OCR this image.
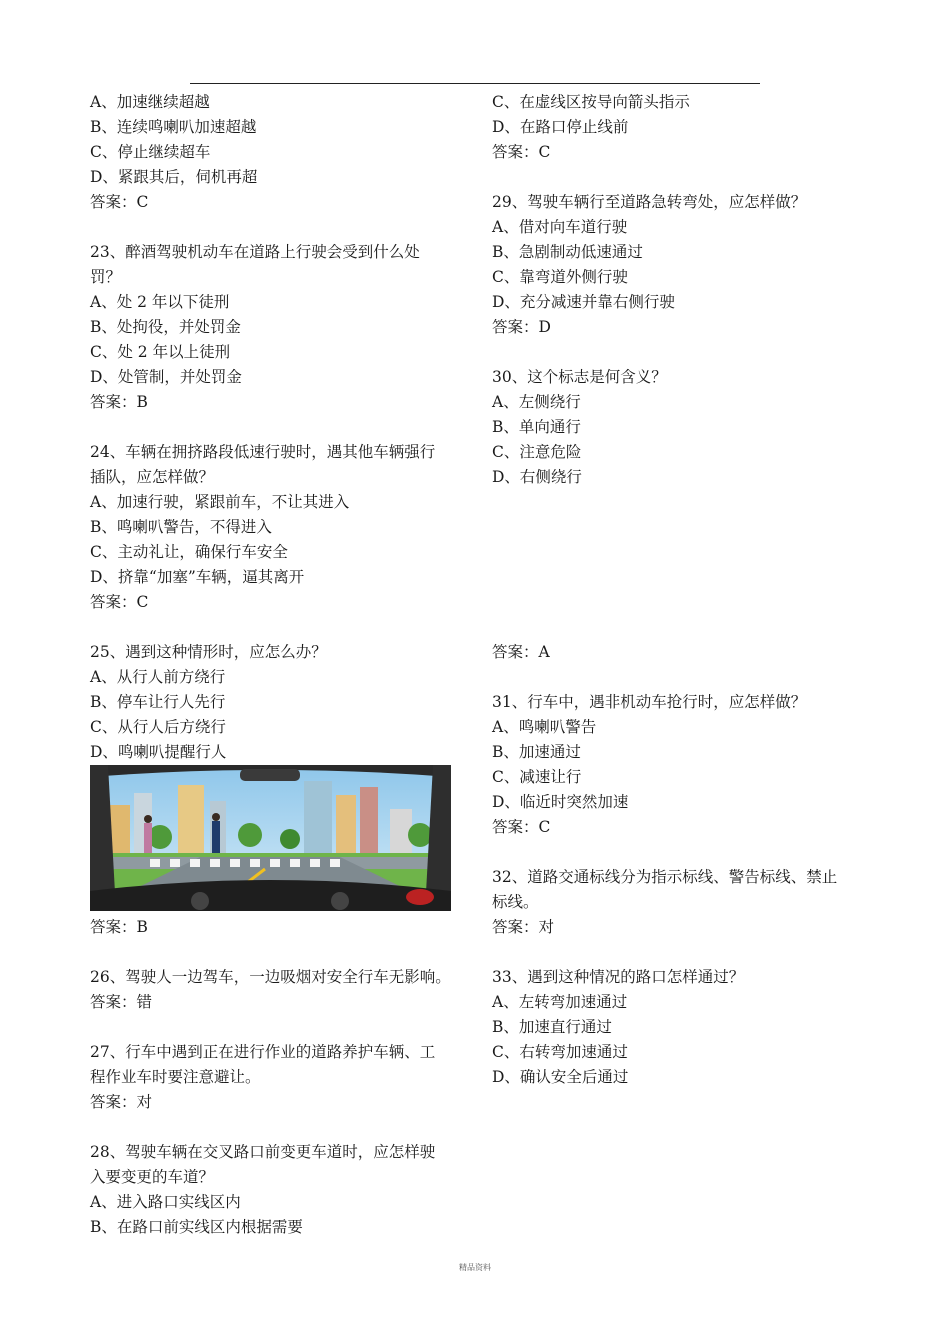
A、加速继续超越
B、连续鸣喇叭加速超越
C、停止继续超车
D、紧跟其后，伺机再超
答案：C
23、醉酒驾驶机动车在道路上行驶会受到什么处
罚？
A、处 2 年以下徒刑
B、处拘役，并处罚金
C、处 2 年以上徒刑
D、处管制，并处罚金
答案：B
24、车辆在拥挤路段低速行驶时，遇其他车辆强行
插队，应怎样做？
A、加速行驶，紧跟前车，不让其进入
B、鸣喇叭警告，不得进入
C、主动礼让，确保行车安全
D、挤靠“加塞”车辆，逼其离开
答案：C
25、遇到这种情形时，应怎么办？
A、从行人前方绕行
B、停车让行人先行
C、从行人后方绕行
D、鸣喇叭提醒行人
答案：B
26、驾驶人一边驾车，一边吸烟对安全行车无影响。
答案：错
27、行车中遇到正在进行作业的道路养护车辆、工
程作业车时要注意避让。
答案：对
28、驾驶车辆在交叉路口前变更车道时，应怎样驶
入要变更的车道？
A、进入路口实线区内
B、在路口前实线区内根据需要
C、在虚线区按导向箭头指示
D、在路口停止线前
答案：C
29、驾驶车辆行至道路急转弯处，应怎样做？
A、借对向车道行驶
B、急剧制动低速通过
C、靠弯道外侧行驶
D、充分减速并靠右侧行驶
答案：D
30、这个标志是何含义？
A、左侧绕行
B、单向通行
C、注意危险
D、右侧绕行
答案：A
31、行车中，遇非机动车抢行时，应怎样做？
A、鸣喇叭警告
B、加速通过
C、减速让行
D、临近时突然加速
答案：C
32、道路交通标线分为指示标线、警告标线、禁止
标线。
答案：对
33、遇到这种情况的路口怎样通过？
A、左转弯加速通过
B、加速直行通过
C、右转弯加速通过
D、确认安全后通过
精品资料
